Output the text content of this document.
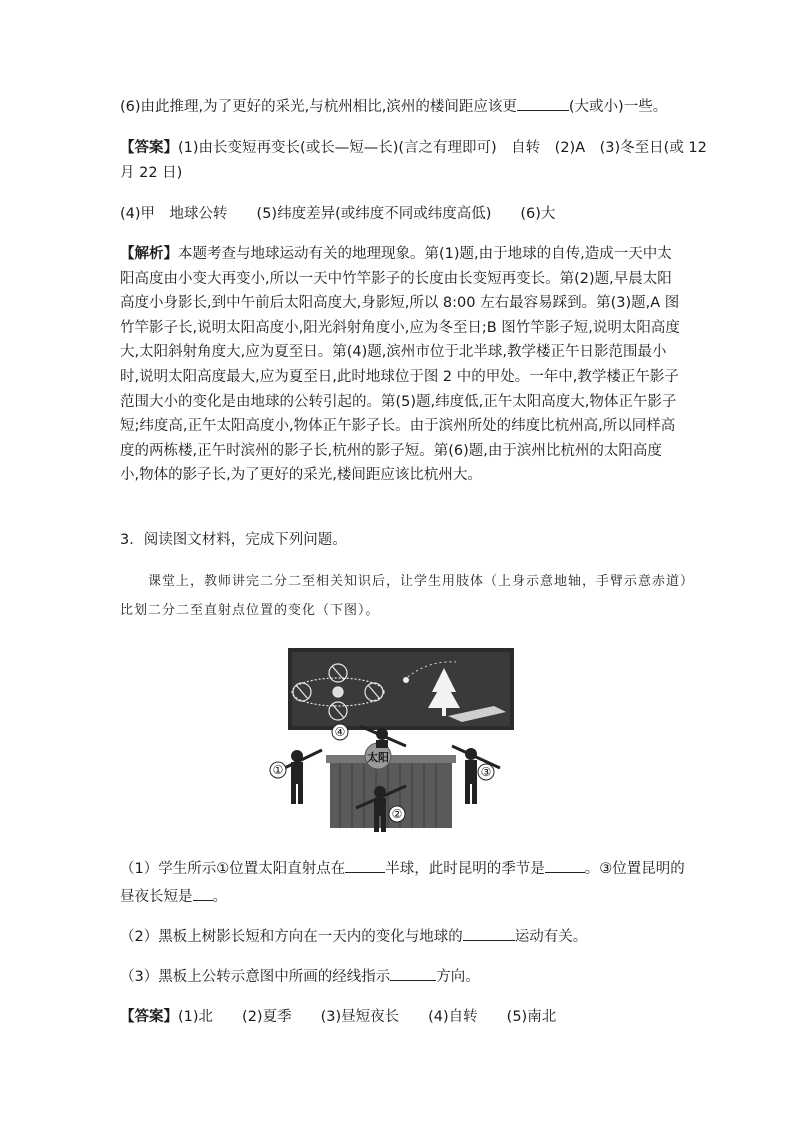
(6)由此推理,为了更好的采光,与杭州相比,滨州的楼间距应该更	(大或小)一些。
【答案】(1)由长变短再变长(或长—短—长)(言之有理即可)　自转　(2)A　(3)冬至日(或 12
月 22 日)
(4)甲　地球公转　　(5)纬度差异(或纬度不同或纬度高低)　　(6)大
【解析】本题考查与地球运动有关的地理现象。第(1)题,由于地球的自传,造成一天中太阳高度由小变大再变小,所以一天中竹竿影子的长度由长变短再变长。第(2)题,早晨太阳高度小身影长,到中午前后太阳高度大,身影短,所以 8:00 左右最容易踩到。第(3)题,A 图竹竿影子长,说明太阳高度小,阳光斜射角度小,应为冬至日;B 图竹竿影子短,说明太阳高度大,太阳斜射角度大,应为夏至日。第(4)题,滨州市位于北半球,教学楼正午日影范围最小时,说明太阳高度最大,应为夏至日,此时地球位于图 2 中的甲处。一年中,教学楼正午影子范围大小的变化是由地球的公转引起的。第(5)题,纬度低,正午太阳高度大,物体正午影子短;纬度高,正午太阳高度小,物体正午影子长。由于滨州所处的纬度比杭州高,所以同样高度的两栋楼,正午时滨州的影子长,杭州的影子短。第(6)题,由于滨州比杭州的太阳高度小,物体的影子长,为了更好的采光,楼间距应该比杭州大。
3．阅读图文材料，完成下列问题。
课堂上，教师讲完二分二至相关知识后，让学生用肢体（上身示意地轴，手臂示意赤道）
比划二分二至直射点位置的变化（下图）。
太阳
①
②
③
④
（1）学生所示①位置太阳直射点在	半球，此时昆明的季节是	。③位置昆明的
昼夜长短是 。
（2）黑板上树影长短和方向在一天内的变化与地球的	运动有关。
（3）黑板上公转示意图中所画的经线指示	方向。
【答案】(1)北　　(2)夏季　　(3)昼短夜长　　(4)自转　　(5)南北
